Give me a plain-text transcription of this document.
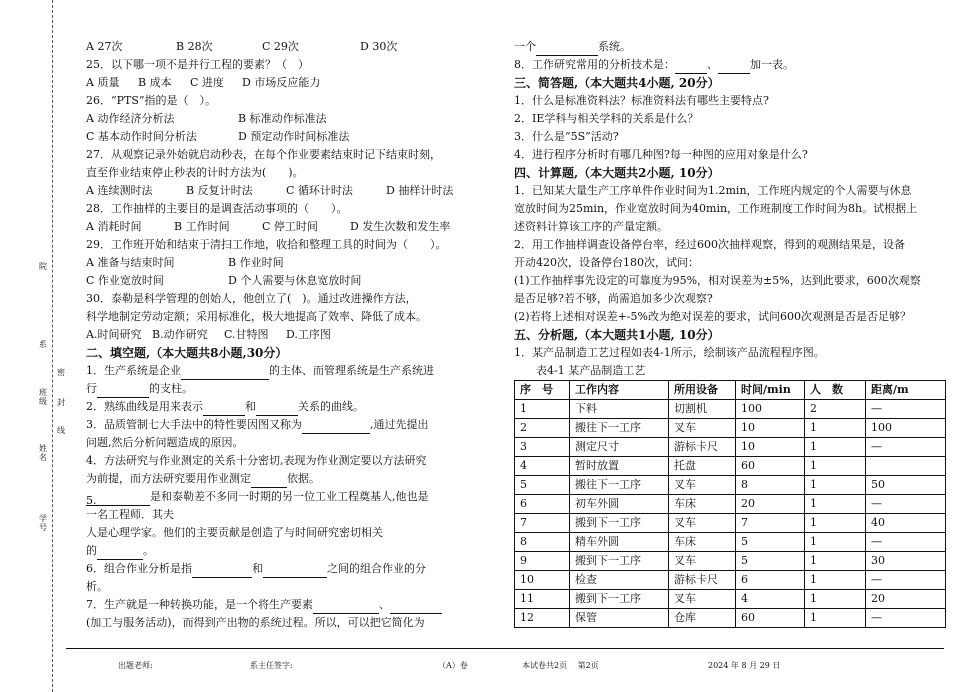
院
系
密
班级 封
线
姓名
学号
A 27次	B 28次	C 29次	D 30次
25．以下哪一项不是并行工程的要素？（　）
A 质量 B 成本 C 进度 D 市场反应能力
26．“PTS”指的是（　）。
A 动作经济分析法	B 标准动作标准法
C 基本动作时间分析法	D 预定动作时间标准法
27．从观察记录外始就启动秒表，在每个作业要素结束时记下结束时刻，
直至作业结束停止秒表的计时方法为(　　)。
A 连续测时法	B 反复计时法	C 循环计时法	D 抽样计时法
28．工作抽样的主要目的是调查活动事项的（　　）。
A 消耗时间	B 工作时间	C 停工时间	D 发生次数和发生率
29．工作班开始和结束于清扫工作地，收拾和整理工具的时间为（　　）。
A 准备与结束时间	B 作业时间
C 作业宽放时间	D 个人需要与休息宽放时间
30．泰勒是科学管理的创始人，他创立了(　)。通过改进操作方法，
科学地制定劳动定额；采用标准化，极大地提高了效率、降低了成本。
A.时间研究 B.动作研究 C.甘特图 D.工序图
二、填空题,（本大题共8小题,30分）
1．生产系统是企业	的主体、而管理系统是生产系统进
行	的支柱。
2．熟练曲线是用来表示	和	关系的曲线。
3．品质管制七大手法中的特性要因图又称为	,通过先提出
问题,然后分析问题造成的原因。
4．方法研究与作业测定的关系十分密切,表现为作业测定要以方法研究
为前提，而方法研究要用作业测定	依据。
5.	是和泰勒差不多同一时期的另一位工业工程奠基人,他也是
一名工程师．其夫
人是心理学家。他们的主要贡献是创造了与时间研究密切相关
的	。
6．组合作业分析是指	和	之间的组合作业的分
析。
7．生产就是一种转换功能，是一个将生产要素	、
(加工与服务活动)，而得到产出物的系统过程。所以，可以把它简化为
一个	系统。
8．工作研究常用的分析技术是：	、	加一表。
三、简答题,（本大题共4小题, 20分）
1．什么是标准资料法？标准资料法有哪些主要特点?
2．IE学科与相关学科的关系是什么？
3．什么是“5S”活动?
4．进行程序分析时有哪几种图?每一种图的应用对象是什么?
四、计算题,（本大题共2小题, 10分）
1．已知某大量生产工序单件作业时间为1.2min，工作班内规定的个人需要与休息
宽放时间为25min，作业宽放时间为40min，工作班制度工作时间为8h。试根据上
述资料计算该工序的产量定额。
2．用工作抽样调查设备停台率，经过600次抽样观察，得到的观测结果是，设备
开动420次，设备停台180次，试问：
(1)工作抽样事先设定的可靠度为95%，相对误差为±5%，达到此要求，600次观察
是否足够?若不够，尚需追加多少次观察?
(2)若将上述相对误差+-5%改为绝对误差的要求，试问600次观测是否是否足够？
五、分析题,（本大题共1小题, 10分）
1．某产品制造工艺过程如表4-1所示，绘制该产品流程程序图。
表4-1 某产品制造工艺
序　号	工作内容	所用设备	时间/min	人　数	距离/m
1	下料	切割机	100	2	—
2	搬往下一工序	叉车	10	1	100
3	测定尺寸	游标卡尺	10	1	—
4	暂时放置	托盘	60	1	
5	搬往下一工序	叉车	8	1	50
6	初车外圆	车床	20	1	—
7	搬到下一工序	叉车	7	1	40
8	精车外圆	车床	5	1	—
9	搬到下一工序	叉车	5	1	30
10	检查	游标卡尺	6	1	—
11	搬到下一工序	叉车	4	1	20
12	保管	仓库	60	1	—
出题老师:	系主任签字:	（A）卷	本试卷共2页　 第2页	2024 年 8 月 29 日
